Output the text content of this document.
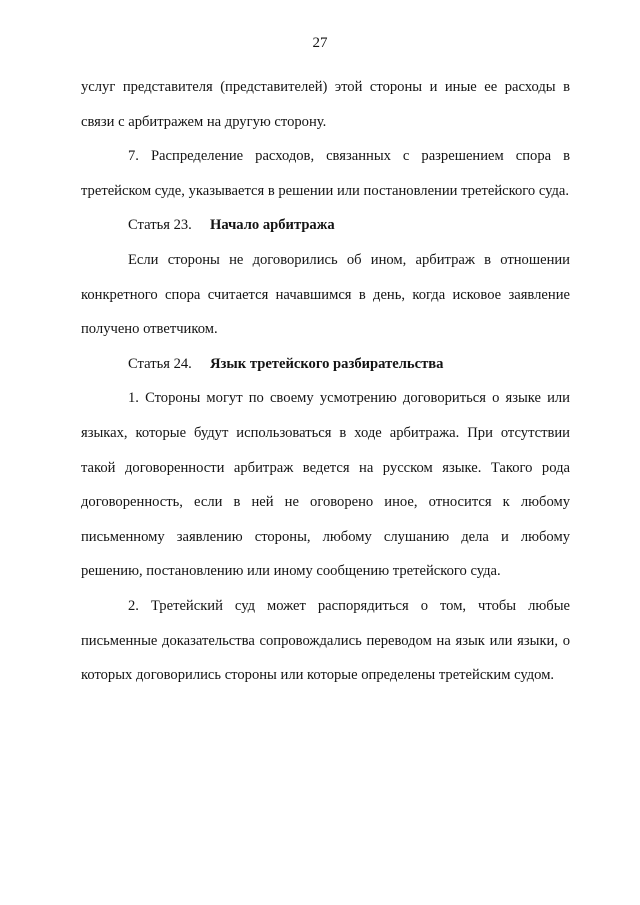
27

услуг представителя (представителей) этой стороны и иные ее расходы в связи с арбитражем на другую сторону.

7. Распределение расходов, связанных с разрешением спора в третейском суде, указывается в решении или постановлении третейского суда.

Статья 23. Начало арбитража

Если стороны не договорились об ином, арбитраж в отношении конкретного спора считается начавшимся в день, когда исковое заявление получено ответчиком.

Статья 24. Язык третейского разбирательства

1. Стороны могут по своему усмотрению договориться о языке или языках, которые будут использоваться в ходе арбитража. При отсутствии такой договоренности арбитраж ведется на русском языке. Такого рода договоренность, если в ней не оговорено иное, относится к любому письменному заявлению стороны, любому слушанию дела и любому решению, постановлению или иному сообщению третейского суда.

2. Третейский суд может распорядиться о том, чтобы любые письменные доказательства сопровождались переводом на язык или языки, о которых договорились стороны или которые определены третейским судом.
